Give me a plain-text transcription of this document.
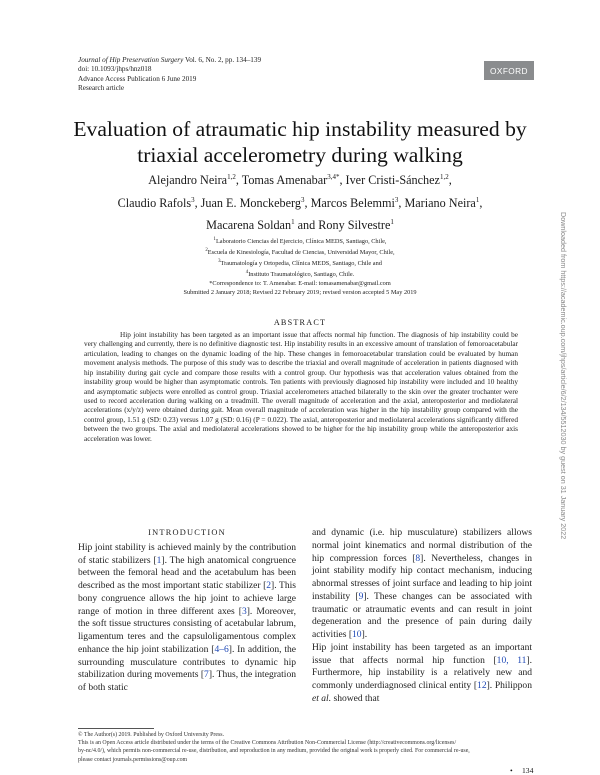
Journal of Hip Preservation Surgery Vol. 6, No. 2, pp. 134–139
doi: 10.1093/jhps/hnz018
Advance Access Publication 6 June 2019
Research article
OXFORD
Evaluation of atraumatic hip instability measured by
triaxial accelerometry during walking
Alejandro Neira$^{1,2}$, Tomas Amenabar$^{3,4*}$, Iver Cristi-Sánchez$^{1,2}$,
Claudio Rafols$^3$, Juan E. Monckeberg$^3$, Marcos Belemmi$^3$, Mariano Neira$^1$,
Macarena Soldan$^1$ and Rony Silvestre$^1$
$^1$Laboratorio Ciencias del Ejercicio, Clínica MEDS, Santiago, Chile,
$^2$Escuela de Kinesiología, Facultad de Ciencias, Universidad Mayor, Chile,
$^3$Traumatología y Ortopedia, Clínica MEDS, Santiago, Chile and
$^4$Instituto Traumatológico, Santiago, Chile.
*Correspondence to: T. Amenabar. E-mail: tomasamenabar@gmail.com
Submitted 2 January 2018; Revised 22 February 2019; revised version accepted 5 May 2019
ABSTRACT

Hip joint instability has been targeted as an important issue that affects normal hip function. The diagnosis of hip instability could be very challenging and currently, there is no definitive diagnostic test. Hip instability results in an excessive amount of translation of femoroacetabular articulation, leading to changes on the dynamic loading of the hip. These changes in femoroacetabular translation could be evaluated by human movement analysis methods. The purpose of this study was to describe the triaxial and overall magnitude of acceleration in patients diagnosed with hip instability during gait cycle and compare those results with a control group. Our hypothesis was that acceleration values obtained from the instability group would be higher than asymptomatic controls. Ten patients with previously diagnosed hip instability were included and 10 healthy and asymptomatic subjects were enrolled as control group. Triaxial accelerometers attached bilaterally to the skin over the greater trochanter were used to record acceleration during walking on a treadmill. The overall magnitude of acceleration and the axial, anteroposterior and mediolateral accelerations (x/y/z) were obtained during gait. Mean overall magnitude of acceleration was higher in the hip instability group compared with the control group, 1.51 g (SD: 0.23) versus 1.07 g (SD: 0.16) (P = 0.022). The axial, anteroposterior and mediolateral accelerations significantly differed between the two groups. The axial and mediolateral accelerations showed to be higher for the hip instability group while the anteroposterior axis acceleration was lower.

INTRODUCTION

Hip joint stability is achieved mainly by the contribution of static stabilizers [1]. The high anatomical congruence between the femoral head and the acetabulum has been described as the most important static stabilizer [2]. This bony congruence allows the hip joint to achieve large range of motion in three different axes [3]. Moreover, the soft tissue structures consisting of acetabular labrum, ligamentum teres and the capsuloligamentous complex enhance the hip joint stabilization [4–6]. In addition, the surrounding musculature contributes to dynamic hip stabilization during movements [7]. Thus, the integration of both static

and dynamic (i.e. hip musculature) stabilizers allows normal joint kinematics and normal distribution of the hip compression forces [8]. Nevertheless, changes in joint stability modify hip contact mechanism, inducing abnormal stresses of joint surface and leading to hip joint instability [9]. These changes can be associated with traumatic or atraumatic events and can result in joint degeneration and the presence of pain during daily activities [10].

Hip joint instability has been targeted as an important issue that affects normal hip function [10, 11]. Furthermore, hip instability is a relatively new and commonly underdiagnosed clinical entity [12]. Philippon et al. showed that

© The Author(s) 2019. Published by Oxford University Press.
This is an Open Access article distributed under the terms of the Creative Commons Attribution Non-Commercial License (http://creativecommons.org/licenses/
by-nc/4.0/), which permits non-commercial re-use, distribution, and reproduction in any medium, provided the original work is properly cited. For commercial re-use,
please contact journals.permissions@oup.com
• 134
Downloaded from https://academic.oup.com/jhps/article/6/2/134/5512030 by guest on 31 January 2022
